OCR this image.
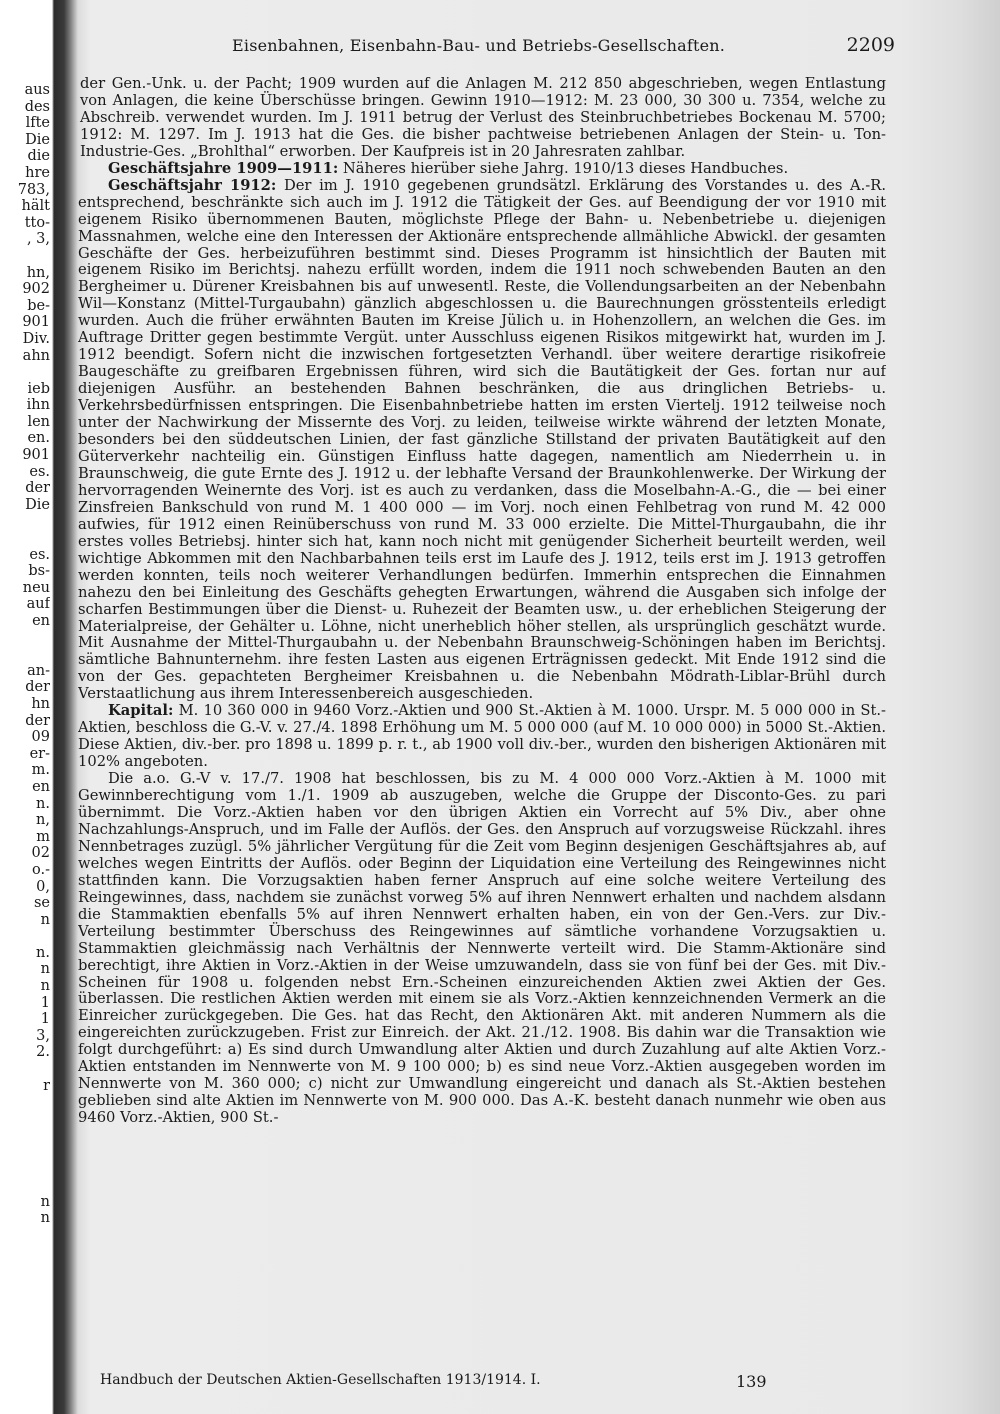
aus
des
lfte
Die
die
hre
783,
hält
tto-
, 3,
hn,
902
be-
901
Div.
ahn
ieb
ihn
len
en.
901
es.
der
Die
es.
bs-
neu
auf
en
an-
der
hn
der
09
er-
m.
en
n.
n,
m
02
o.-
0,
se
n
n.
n
n
1
1
3,
2.
r
n
n
Eisenbahnen, Eisenbahn-Bau- und Betriebs-Gesellschaften.	2209

der Gen.-Unk. u. der Pacht; 1909 wurden auf die Anlagen M. 212 850 abgeschrieben, wegen Entlastung von Anlagen, die keine Überschüsse bringen. Gewinn 1910—1912: M. 23 000, 30 300 u. 7354, welche zu Abschreib. verwendet wurden. Im J. 1911 betrug der Verlust des Steinbruchbetriebes Bockenau M. 5700; 1912: M. 1297. Im J. 1913 hat die Ges. die bisher pachtweise betriebenen Anlagen der Stein- u. Ton-Industrie-Ges. „Brohlthal“ erworben. Der Kaufpreis ist in 20 Jahresraten zahlbar.

Geschäftsjahre 1909—1911: Näheres hierüber siehe Jahrg. 1910/13 dieses Handbuches.

Geschäftsjahr 1912: Der im J. 1910 gegebenen grundsätzl. Erklärung des Vorstandes u. des A.-R. entsprechend, beschränkte sich auch im J. 1912 die Tätigkeit der Ges. auf Beendigung der vor 1910 mit eigenem Risiko übernommenen Bauten, möglichste Pflege der Bahn- u. Nebenbetriebe u. diejenigen Massnahmen, welche eine den Interessen der Aktionäre entsprechende allmähliche Abwickl. der gesamten Geschäfte der Ges. herbeizuführen bestimmt sind. Dieses Programm ist hinsichtlich der Bauten mit eigenem Risiko im Berichtsj. nahezu erfüllt worden, indem die 1911 noch schwebenden Bauten an den Bergheimer u. Dürener Kreisbahnen bis auf unwesentl. Reste, die Vollendungsarbeiten an der Nebenbahn Wil—Konstanz (Mittel-Turgaubahn) gänzlich abgeschlossen u. die Baurechnungen grösstenteils erledigt wurden. Auch die früher erwähnten Bauten im Kreise Jülich u. in Hohenzollern, an welchen die Ges. im Auftrage Dritter gegen bestimmte Vergüt. unter Ausschluss eigenen Risikos mitgewirkt hat, wurden im J. 1912 beendigt. Sofern nicht die inzwischen fortgesetzten Verhandl. über weitere derartige risikofreie Baugeschäfte zu greifbaren Ergebnissen führen, wird sich die Bautätigkeit der Ges. fortan nur auf diejenigen Ausführ. an bestehenden Bahnen beschränken, die aus dringlichen Betriebs- u. Verkehrsbedürfnissen entspringen. Die Eisenbahnbetriebe hatten im ersten Viertelj. 1912 teilweise noch unter der Nachwirkung der Missernte des Vorj. zu leiden, teilweise wirkte während der letzten Monate, besonders bei den süddeutschen Linien, der fast gänzliche Stillstand der privaten Bautätigkeit auf den Güterverkehr nachteilig ein. Günstigen Einfluss hatte dagegen, namentlich am Niederrhein u. in Braunschweig, die gute Ernte des J. 1912 u. der lebhafte Versand der Braunkohlenwerke. Der Wirkung der hervorragenden Weinernte des Vorj. ist es auch zu verdanken, dass die Moselbahn-A.-G., die — bei einer Zinsfreien Bankschuld von rund M. 1 400 000 — im Vorj. noch einen Fehlbetrag von rund M. 42 000 aufwies, für 1912 einen Reinüberschuss von rund M. 33 000 erzielte. Die Mittel-Thurgaubahn, die ihr erstes volles Betriebsj. hinter sich hat, kann noch nicht mit genügender Sicherheit beurteilt werden, weil wichtige Abkommen mit den Nachbarbahnen teils erst im Laufe des J. 1912, teils erst im J. 1913 getroffen werden konnten, teils noch weiterer Verhandlungen bedürfen. Immerhin entsprechen die Einnahmen nahezu den bei Einleitung des Geschäfts gehegten Erwartungen, während die Ausgaben sich infolge der scharfen Bestimmungen über die Dienst- u. Ruhezeit der Beamten usw., u. der erheblichen Steigerung der Materialpreise, der Gehälter u. Löhne, nicht unerheblich höher stellen, als ursprünglich geschätzt wurde. Mit Ausnahme der Mittel-Thurgaubahn u. der Nebenbahn Braunschweig-Schöningen haben im Berichtsj. sämtliche Bahnunternehm. ihre festen Lasten aus eigenen Erträgnissen gedeckt. Mit Ende 1912 sind die von der Ges. gepachteten Bergheimer Kreisbahnen u. die Nebenbahn Mödrath-Liblar-Brühl durch Verstaatlichung aus ihrem Interessenbereich ausgeschieden.

Kapital: M. 10 360 000 in 9460 Vorz.-Aktien und 900 St.-Aktien à M. 1000. Urspr. M. 5 000 000 in St.-Aktien, beschloss die G.-V. v. 27./4. 1898 Erhöhung um M. 5 000 000 (auf M. 10 000 000) in 5000 St.-Aktien. Diese Aktien, div.-ber. pro 1898 u. 1899 p. r. t., ab 1900 voll div.-ber., wurden den bisherigen Aktionären mit 102% angeboten.

Die a.o. G.-V v. 17./7. 1908 hat beschlossen, bis zu M. 4 000 000 Vorz.-Aktien à M. 1000 mit Gewinnberechtigung vom 1./1. 1909 ab auszugeben, welche die Gruppe der Disconto-Ges. zu pari übernimmt. Die Vorz.-Aktien haben vor den übrigen Aktien ein Vorrecht auf 5% Div., aber ohne Nachzahlungs-Anspruch, und im Falle der Auflös. der Ges. den Anspruch auf vorzugsweise Rückzahl. ihres Nennbetrages zuzügl. 5% jährlicher Vergütung für die Zeit vom Beginn desjenigen Geschäftsjahres ab, auf welches wegen Eintritts der Auflös. oder Beginn der Liquidation eine Verteilung des Reingewinnes nicht stattfinden kann. Die Vorzugsaktien haben ferner Anspruch auf eine solche weitere Verteilung des Reingewinnes, dass, nachdem sie zunächst vorweg 5% auf ihren Nennwert erhalten und nachdem alsdann die Stammaktien ebenfalls 5% auf ihren Nennwert erhalten haben, ein von der Gen.-Vers. zur Div.-Verteilung bestimmter Überschuss des Reingewinnes auf sämtliche vorhandene Vorzugsaktien u. Stammaktien gleichmässig nach Verhältnis der Nennwerte verteilt wird. Die Stamm-Aktionäre sind berechtigt, ihre Aktien in Vorz.-Aktien in der Weise umzuwandeln, dass sie von fünf bei der Ges. mit Div.-Scheinen für 1908 u. folgenden nebst Ern.-Scheinen einzureichenden Aktien zwei Aktien der Ges. überlassen. Die restlichen Aktien werden mit einem sie als Vorz.-Aktien kennzeichnenden Vermerk an die Einreicher zurückgegeben. Die Ges. hat das Recht, den Aktionären Akt. mit anderen Nummern als die eingereichten zurückzugeben. Frist zur Einreich. der Akt. 21./12. 1908. Bis dahin war die Transaktion wie folgt durchgeführt: a) Es sind durch Umwandlung alter Aktien und durch Zuzahlung auf alte Aktien Vorz.-Aktien entstanden im Nennwerte von M. 9 100 000; b) es sind neue Vorz.-Aktien ausgegeben worden im Nennwerte von M. 360 000; c) nicht zur Umwandlung eingereicht und danach als St.-Aktien bestehen geblieben sind alte Aktien im Nennwerte von M. 900 000. Das A.-K. besteht danach nunmehr wie oben aus 9460 Vorz.-Aktien, 900 St.-

Handbuch der Deutschen Aktien-Gesellschaften 1913/1914. I.	139
